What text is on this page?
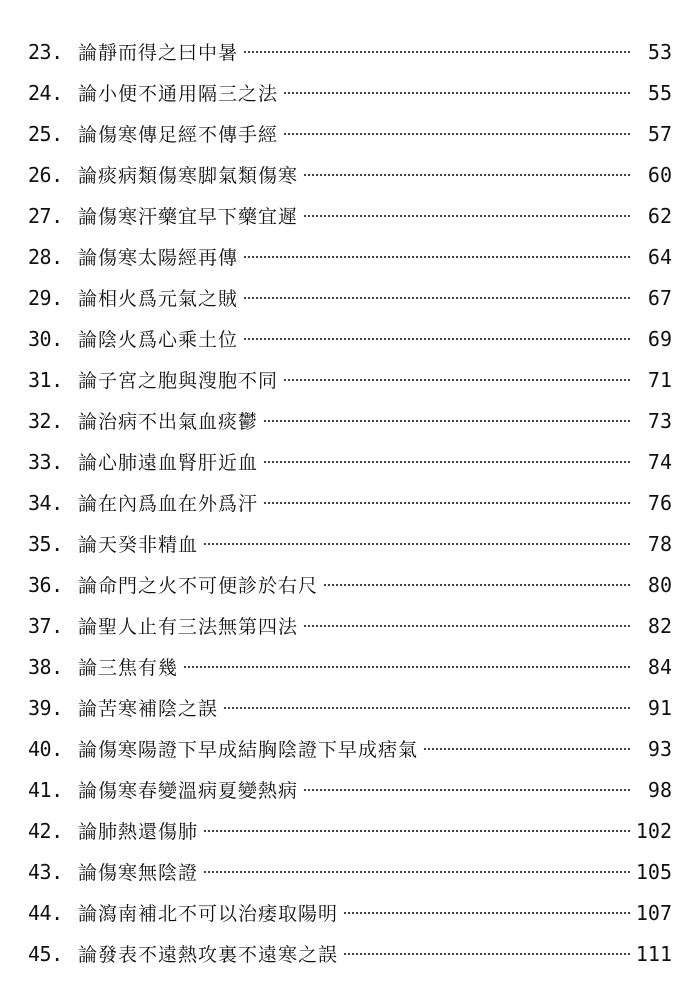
23. 論靜而得之曰中暑	53
24. 論小便不通用隔三之法	55
25. 論傷寒傳足經不傳手經	57
26. 論痰病類傷寒脚氣類傷寒	60
27. 論傷寒汗藥宜早下藥宜遲	62
28. 論傷寒太陽經再傳	64
29. 論相火爲元氣之賊	67
30. 論陰火爲心乘土位	69
31. 論子宮之胞與溲胞不同	71
32. 論治病不出氣血痰鬱	73
33. 論心肺遠血腎肝近血	74
34. 論在內爲血在外爲汗	76
35. 論天癸非精血	78
36. 論命門之火不可便診於右尺	80
37. 論聖人止有三法無第四法	82
38. 論三焦有幾	84
39. 論苦寒補陰之誤	91
40. 論傷寒陽證下早成結胸陰證下早成痞氣	93
41. 論傷寒春變溫病夏變熱病	98
42. 論肺熱還傷肺	102
43. 論傷寒無陰證	105
44. 論瀉南補北不可以治痿取陽明	107
45. 論發表不遠熱攻裏不遠寒之誤	111
